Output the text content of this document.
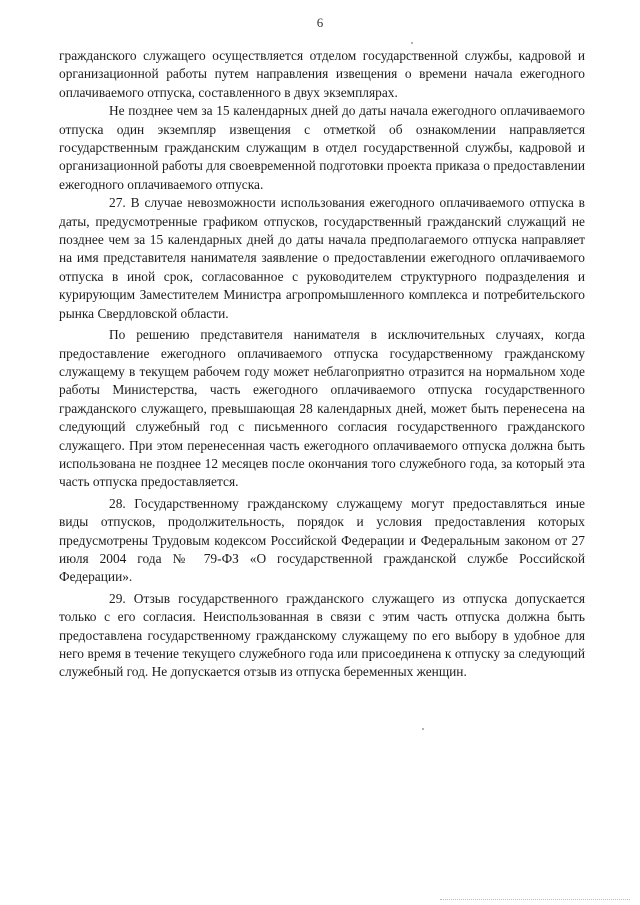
6

гражданского служащего осуществляется отделом государственной службы, кадровой и организационной работы путем направления извещения о времени начала ежегодного оплачиваемого отпуска, составленного в двух экземплярах.

Не позднее чем за 15 календарных дней до даты начала ежегодного оплачиваемого отпуска один экземпляр извещения с отметкой об ознакомлении направляется государственным гражданским служащим в отдел государственной службы, кадровой и организационной работы для своевременной подготовки проекта приказа о предоставлении ежегодного оплачиваемого отпуска.

27. В случае невозможности использования ежегодного оплачиваемого отпуска в даты, предусмотренные графиком отпусков, государственный гражданский служащий не позднее чем за 15 календарных дней до даты начала предполагаемого отпуска направляет на имя представителя нанимателя заявление о предоставлении ежегодного оплачиваемого отпуска в иной срок, согласованное с руководителем структурного подразделения и курирующим Заместителем Министра агропромышленного комплекса и потребительского рынка Свердловской области.

По решению представителя нанимателя в исключительных случаях, когда предоставление ежегодного оплачиваемого отпуска государственному гражданскому служащему в текущем рабочем году может неблагоприятно отразится на нормальном ходе работы Министерства, часть ежегодного оплачиваемого отпуска государственного гражданского служащего, превышающая 28 календарных дней, может быть перенесена на следующий служебный год с письменного согласия государственного гражданского служащего. При этом перенесенная часть ежегодного оплачиваемого отпуска должна быть использована не позднее 12 месяцев после окончания того служебного года, за который эта часть отпуска предоставляется.

28. Государственному гражданскому служащему могут предоставляться иные виды отпусков, продолжительность, порядок и условия предоставления которых предусмотрены Трудовым кодексом Российской Федерации и Федеральным законом от 27 июля 2004 года № 79-ФЗ «О государственной гражданской службе Российской Федерации».

29. Отзыв государственного гражданского служащего из отпуска допускается только с его согласия. Неиспользованная в связи с этим часть отпуска должна быть предоставлена государственному гражданскому служащему по его выбору в удобное для него время в течение текущего служебного года или присоединена к отпуску за следующий служебный год. Не допускается отзыв из отпуска беременных женщин.
